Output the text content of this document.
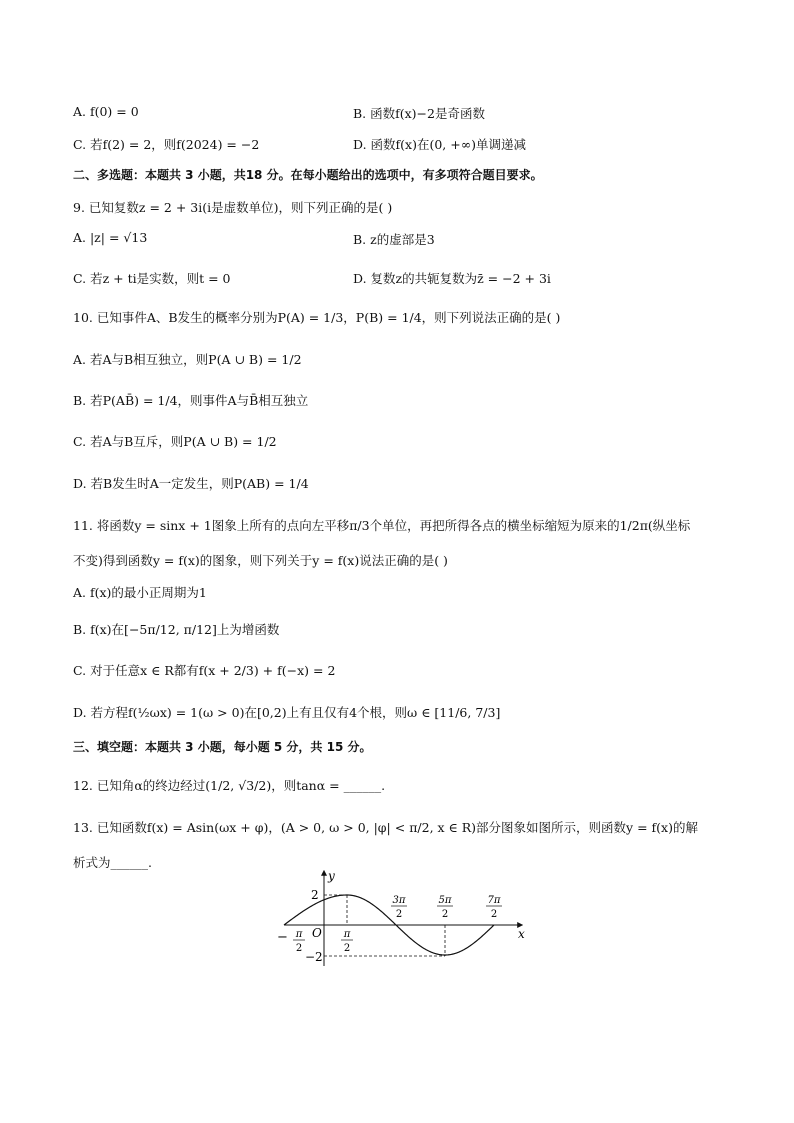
A. f(0) = 0	B. 函数f(x)−2是奇函数
C. 若f(2) = 2，则f(2024) = −2	D. 函数f(x)在(0, +∞)单调递减
二、多选题：本题共 3 小题，共18 分。在每小题给出的选项中，有多项符合题目要求。
9. 已知复数z = 2 + 3i(i是虚数单位)，则下列正确的是( )
A. |z| = √13	B. z的虚部是3
C. 若z + ti是实数，则t = 0	D. 复数z的共轭复数为z̄ = −2 + 3i
10. 已知事件A、B发生的概率分别为P(A) = 1/3，P(B) = 1/4，则下列说法正确的是( )
A. 若A与B相互独立，则P(A ∪ B) = 1/2
B. 若P(AB̄) = 1/4，则事件A与B̄相互独立
C. 若A与B互斥，则P(A ∪ B) = 1/2
D. 若B发生时A一定发生，则P(AB) = 1/4
11. 将函数y = sinx + 1图象上所有的点向左平移π/3个单位，再把所得各点的横坐标缩短为原来的1/2π(纵坐标
不变)得到函数y = f(x)的图象，则下列关于y = f(x)说法正确的是( )
A. f(x)的最小正周期为1
B. f(x)在[−5π/12, π/12]上为增函数
C. 对于任意x ∈ R都有f(x + 2/3) + f(−x) = 2
D. 若方程f(½ωx) = 1(ω > 0)在[0,2)上有且仅有4个根，则ω ∈ [11/6, 7/3]
三、填空题：本题共 3 小题，每小题 5 分，共 15 分。
12. 已知角α的终边经过(1/2, √3/2)，则tanα = ______.
13. 已知函数f(x) = Asin(ωx + φ)，(A > 0, ω > 0, |φ| < π/2, x ∈ R)部分图象如图所示，则函数y = f(x)的解
析式为______.
y
x
O
2
−2
− π
2
π
2
3π
2
5π
2
7π
2
